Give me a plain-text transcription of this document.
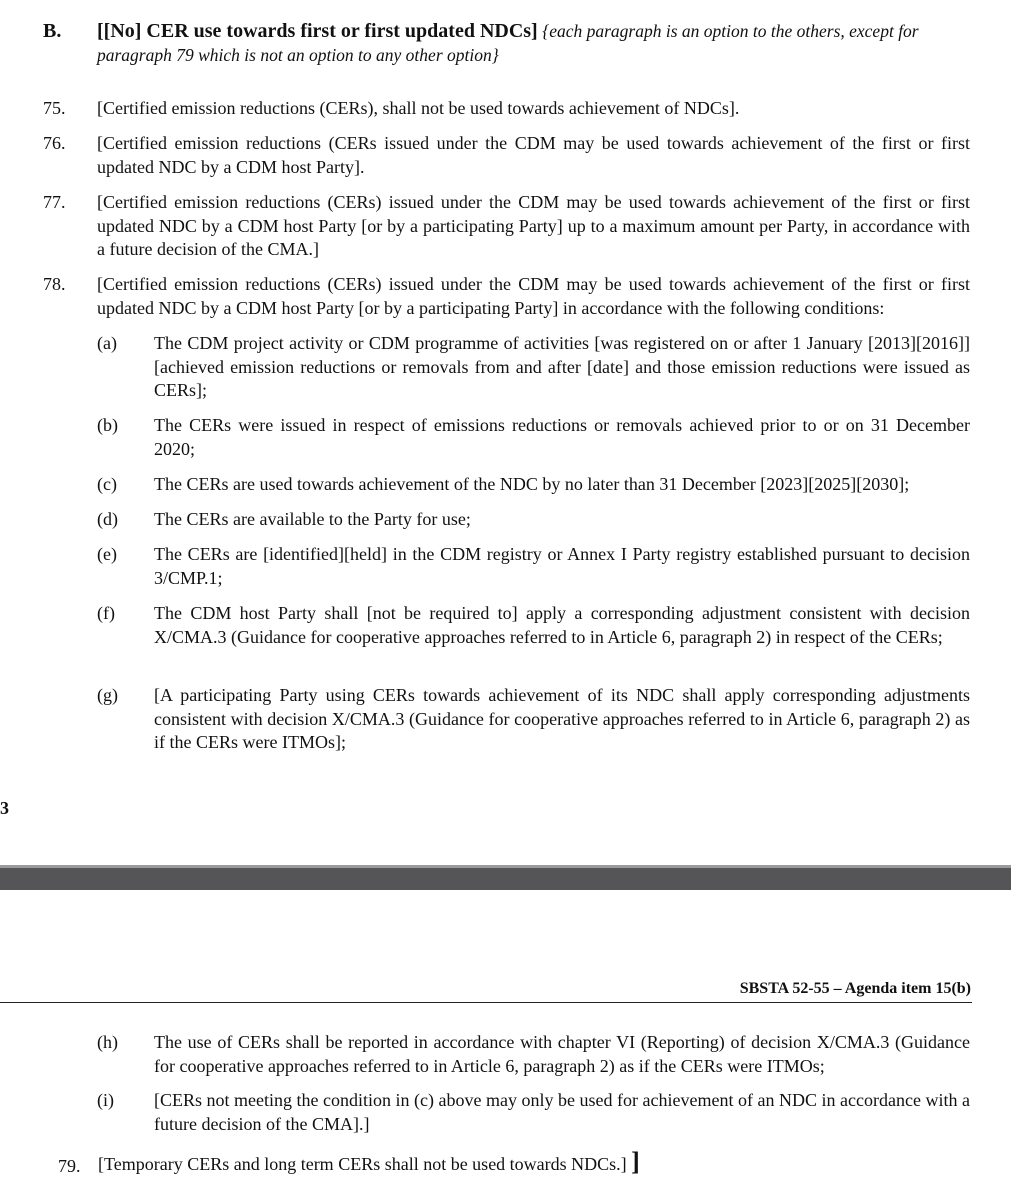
B. [[No] CER use towards first or first updated NDCs] {each paragraph is an option to the others, except for paragraph 79 which is not an option to any other option}
75. [Certified emission reductions (CERs), shall not be used towards achievement of NDCs].
76. [Certified emission reductions (CERs issued under the CDM may be used towards achievement of the first or first updated NDC by a CDM host Party].
77. [Certified emission reductions (CERs) issued under the CDM may be used towards achievement of the first or first updated NDC by a CDM host Party [or by a participating Party] up to a maximum amount per Party, in accordance with a future decision of the CMA.]
78. [Certified emission reductions (CERs) issued under the CDM may be used towards achievement of the first or first updated NDC by a CDM host Party [or by a participating Party] in accordance with the following conditions:
(a) The CDM project activity or CDM programme of activities [was registered on or after 1 January [2013][2016]] [achieved emission reductions or removals from and after [date] and those emission reductions were issued as CERs];
(b) The CERs were issued in respect of emissions reductions or removals achieved prior to or on 31 December 2020;
(c) The CERs are used towards achievement of the NDC by no later than 31 December [2023][2025][2030];
(d) The CERs are available to the Party for use;
(e) The CERs are [identified][held] in the CDM registry or Annex I Party registry established pursuant to decision 3/CMP.1;
(f) The CDM host Party shall [not be required to] apply a corresponding adjustment consistent with decision X/CMA.3 (Guidance for cooperative approaches referred to in Article 6, paragraph 2) in respect of the CERs;
(g) [A participating Party using CERs towards achievement of its NDC shall apply corresponding adjustments consistent with decision X/CMA.3 (Guidance for cooperative approaches referred to in Article 6, paragraph 2) as if the CERs were ITMOs];
3
SBSTA 52-55 – Agenda item 15(b)
(h) The use of CERs shall be reported in accordance with chapter VI (Reporting) of decision X/CMA.3 (Guidance for cooperative approaches referred to in Article 6, paragraph 2) as if the CERs were ITMOs;
(i) [CERs not meeting the condition in (c) above may only be used for achievement of an NDC in accordance with a future decision of the CMA].]
79. [Temporary CERs and long term CERs shall not be used towards NDCs.] ]
